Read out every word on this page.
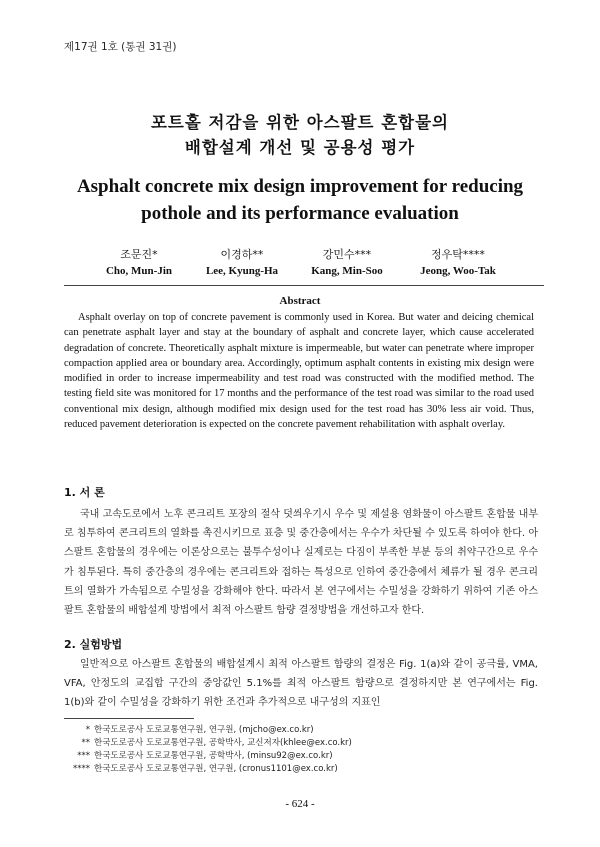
제17권 1호 (통권 31권)
포트홀 저감을 위한 아스팔트 혼합물의
배합설계 개선 및 공용성 평가
Asphalt concrete mix design improvement for reducing
pothole and its performance evaluation
조문진*
Cho, Mun-Jin
이경하**
Lee, Kyung-Ha
강민수***
Kang, Min-Soo
정우탁****
Jeong, Woo-Tak
Abstract
Asphalt overlay on top of concrete pavement is commonly used in Korea. But water and deicing chemical can penetrate asphalt layer and stay at the boundary of asphalt and concrete layer, which cause accelerated degradation of concrete. Theoretically asphalt mixture is impermeable, but water can penetrate where improper compaction applied area or boundary area. Accordingly, optimum asphalt contents in existing mix design were modified in order to increase impermeability and test road was constructed with the modified method. The testing field site was monitored for 17 months and the performance of the test road was similar to the road used conventional mix design, although modified mix design used for the test road has 30% less air void. Thus, reduced pavement deterioration is expected on the concrete pavement rehabilitation with asphalt overlay.
1. 서 론
국내 고속도로에서 노후 콘크리트 포장의 절삭 덧씌우기시 우수 및 제설용 염화물이 아스팔트 혼합물 내부로 침투하여 콘크리트의 열화를 촉진시키므로 표층 및 중간층에서는 우수가 차단될 수 있도록 하여야 한다. 아스팔트 혼합물의 경우에는 이론상으로는 불투수성이나 실제로는 다짐이 부족한 부분 등의 취약구간으로 우수가 침투된다. 특히 중간층의 경우에는 콘크리트와 접하는 특성으로 인하여 중간층에서 체류가 될 경우 콘크리트의 열화가 가속됨으로 수밀성을 강화해야 한다. 따라서 본 연구에서는 수밀성을 강화하기 위하여 기존 아스팔트 혼합물의 배합설계 방법에서 최적 아스팔트 함량 결정방법을 개선하고자 한다.
2. 실험방법
일반적으로 아스팔트 혼합물의 배합설계시 최적 아스팔트 함량의 결정은 Fig. 1(a)와 같이 공극률, VMA, VFA, 안정도의 교집합 구간의 중앙값인 5.1%를 최적 아스팔트 함량으로 결정하지만 본 연구에서는 Fig. 1(b)와 같이 수밀성을 강화하기 위한 조건과 추가적으로 내구성의 지표인
* 한국도로공사 도로교통연구원, 연구원, (mjcho@ex.co.kr)
** 한국도로공사 도로교통연구원, 공학박사, 교신저자(khlee@ex.co.kr)
*** 한국도로공사 도로교통연구원, 공학박사, (minsu92@ex.co.kr)
**** 한국도로공사 도로교통연구원, 연구원, (cronus1101@ex.co.kr)
- 624 -
